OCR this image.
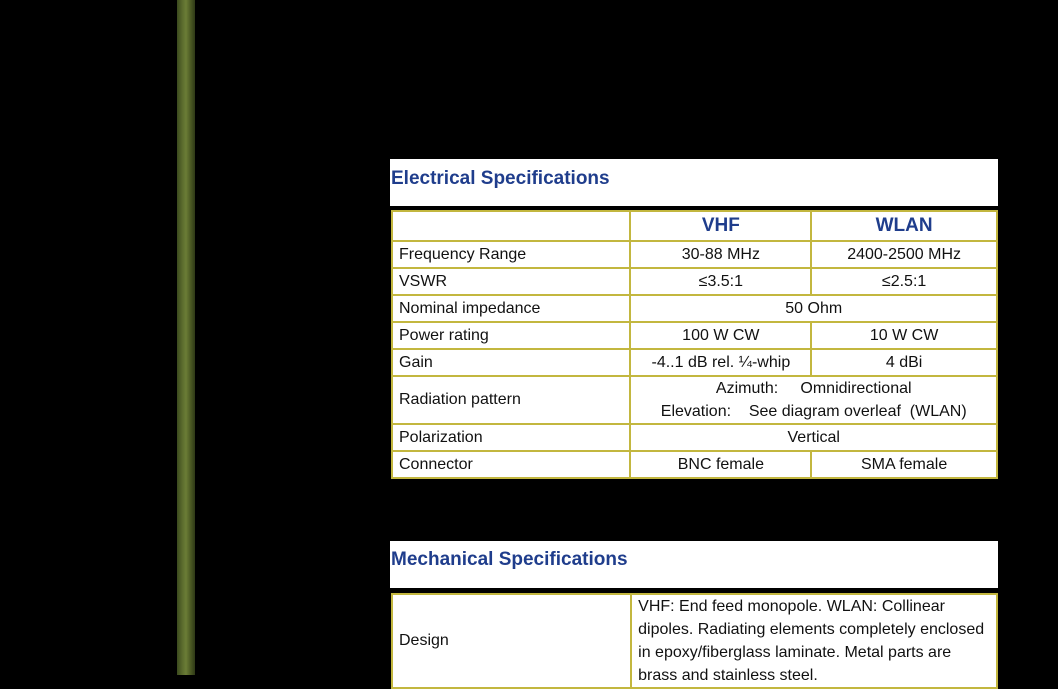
Electrical Specifications
	VHF	WLAN
Frequency Range	30-88 MHz	2400-2500 MHz
VSWR	≤3.5:1	≤2.5:1
Nominal impedance	50 Ohm	
Power rating	100 W CW	10 W CW
Gain	-4..1 dB rel. ¼-whip	4 dBi
Radiation pattern	Azimuth:     Omnidirectional
Elevation:    See diagram overleaf  (WLAN)	

Polarization	Vertical	
Connector	BNC female	SMA female
Mechanical Specifications
Design	VHF: End feed monopole. WLAN: Collinear dipoles. Radiating elements completely enclosed in epoxy/fiberglass laminate. Metal parts are brass and stainless steel.
